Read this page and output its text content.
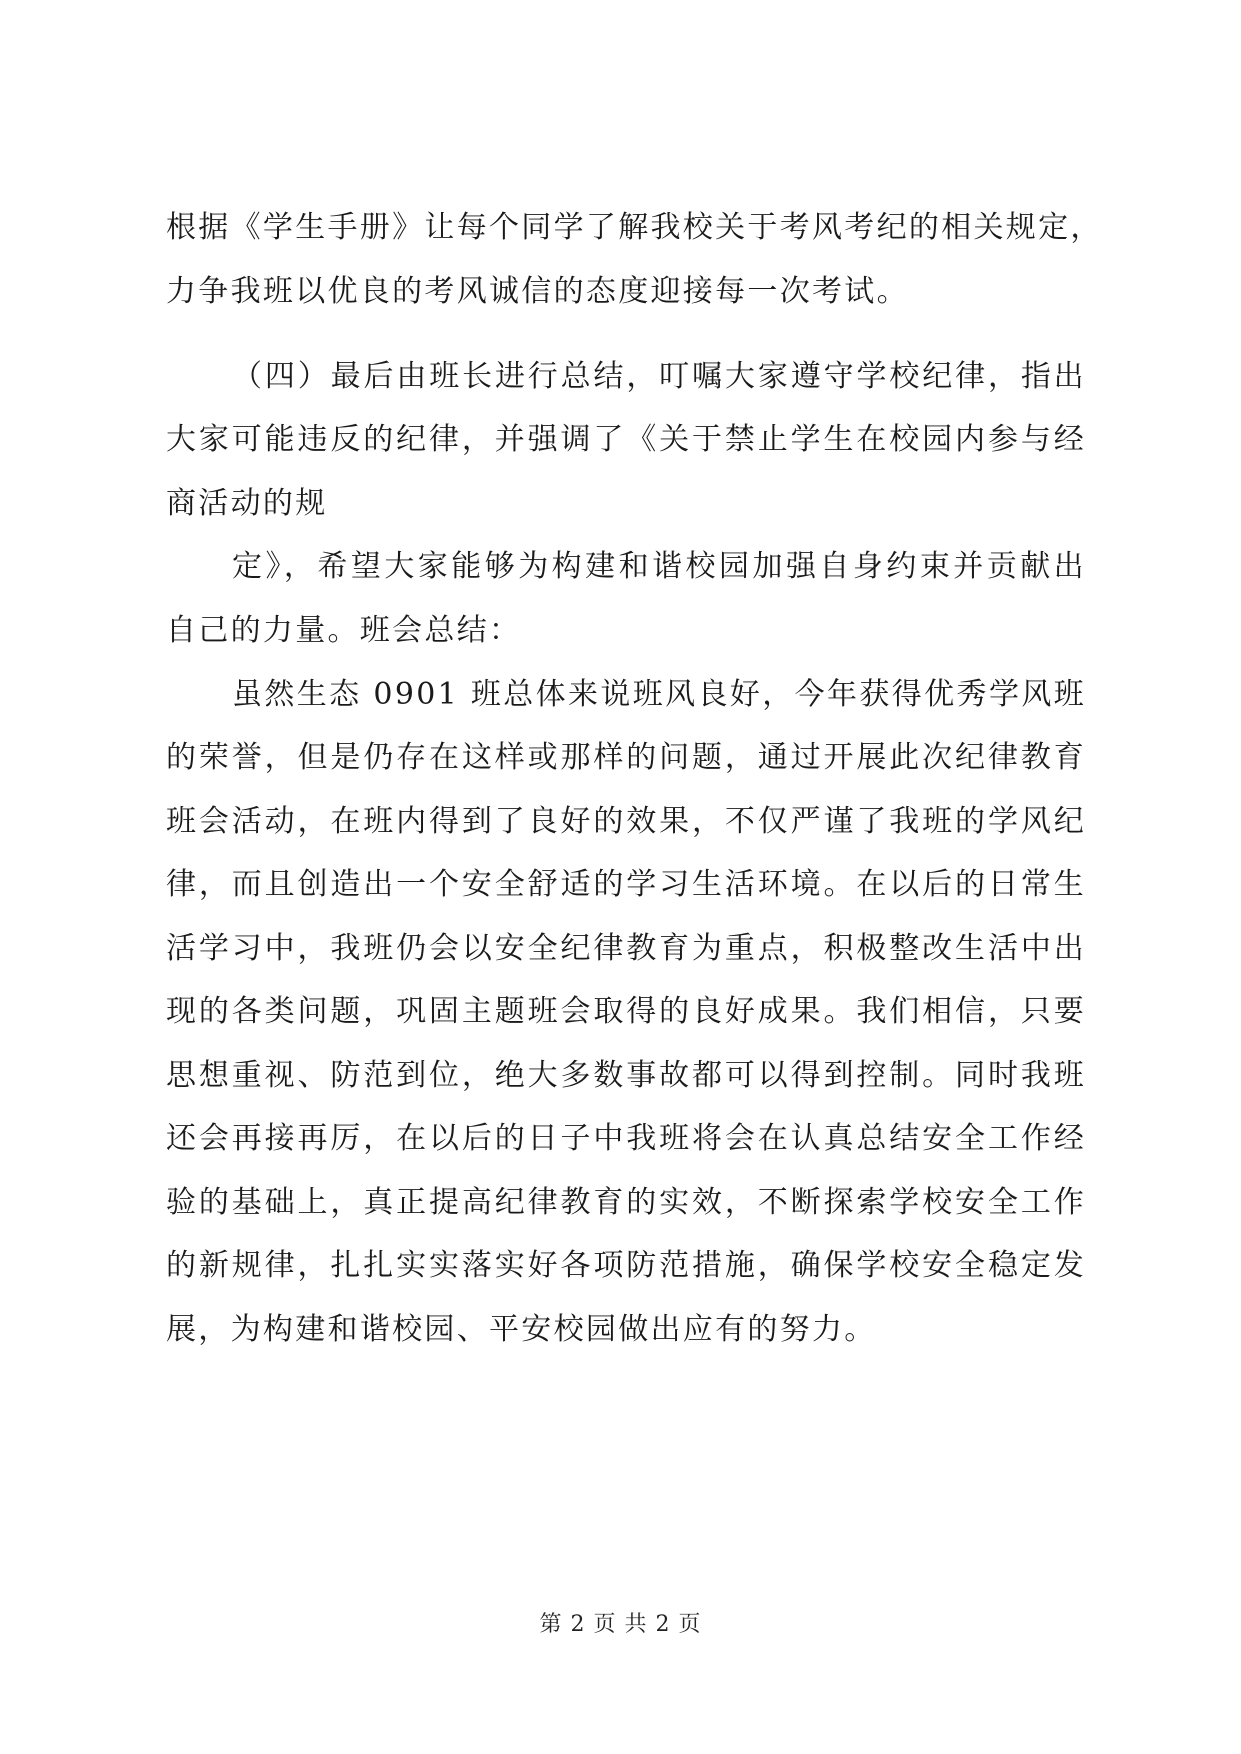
根据《学生手册》让每个同学了解我校关于考风考纪的相关规定，
力争我班以优良的考风诚信的态度迎接每一次考试。
（四）最后由班长进行总结，叮嘱大家遵守学校纪律，指出
大家可能违反的纪律，并强调了《关于禁止学生在校园内参与经
商活动的规
定》，希望大家能够为构建和谐校园加强自身约束并贡献出
自己的力量。班会总结：
虽然生态 0901 班总体来说班风良好，今年获得优秀学风班
的荣誉，但是仍存在这样或那样的问题，通过开展此次纪律教育
班会活动，在班内得到了良好的效果，不仅严谨了我班的学风纪
律，而且创造出一个安全舒适的学习生活环境。在以后的日常生
活学习中，我班仍会以安全纪律教育为重点，积极整改生活中出
现的各类问题，巩固主题班会取得的良好成果。我们相信，只要
思想重视、防范到位，绝大多数事故都可以得到控制。同时我班
还会再接再厉，在以后的日子中我班将会在认真总结安全工作经
验的基础上，真正提高纪律教育的实效，不断探索学校安全工作
的新规律，扎扎实实落实好各项防范措施，确保学校安全稳定发
展，为构建和谐校园、平安校园做出应有的努力。
第 2 页 共 2 页
